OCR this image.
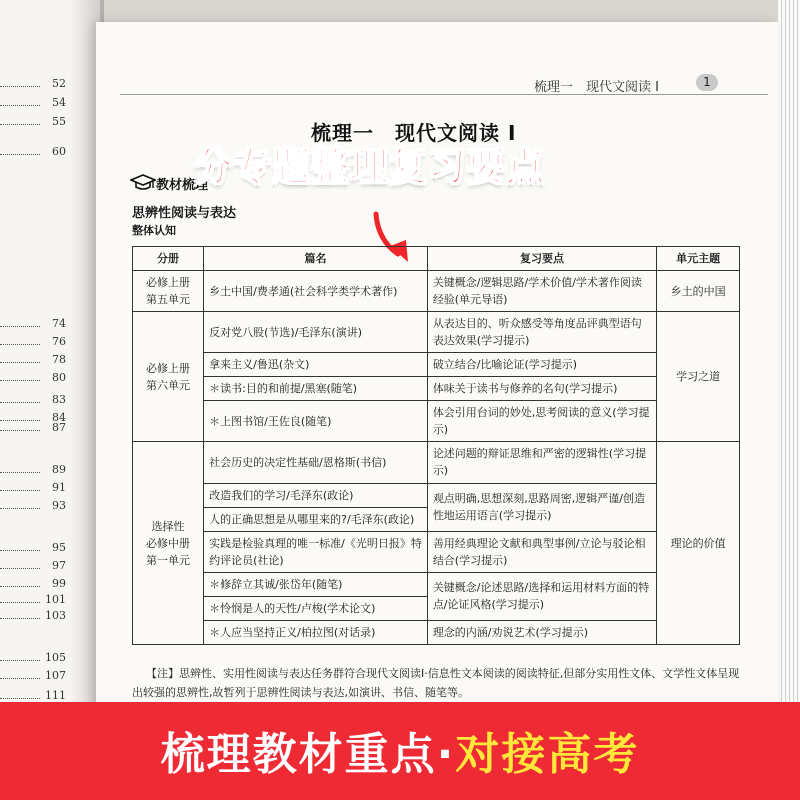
52
54
55
60
74
76
78
80
83
84
87
89
91
93
95
97
99
101
103
105
107
111
梳理一　现代文阅读 Ⅰ	1
梳理一　现代文阅读 Ⅰ
教材梳理
思辨性阅读与表达
整体认知
分册	篇名	复习要点	单元主题
必修上册
第五单元	乡土中国/费孝通(社会科学类学术著作)	关键概念/逻辑思路/学术价值/学术著作阅读经验(单元导语)	乡土的中国
必修上册
第六单元	反对党八股(节选)/毛泽东(演讲)	从表达目的、听众感受等角度品评典型语句表达效果(学习提示)	学习之道
	拿来主义/鲁迅(杂文)	破立结合/比喻论证(学习提示)	
	＊读书:目的和前提/黑塞(随笔)	体味关于读书与修养的名句(学习提示)	
	＊上图书馆/王佐良(随笔)	体会引用台词的妙处,思考阅读的意义(学习提示)	
选择性
必修中册
第一单元	社会历史的决定性基础/恩格斯(书信)	论述问题的辩证思维和严密的逻辑性(学习提示)	理论的价值
	改造我们的学习/毛泽东(政论)	观点明确,思想深刻,思路周密,逻辑严谨/创造性地运用语言(学习提示)	
	人的正确思想是从哪里来的?/毛泽东(政论)		
	实践是检验真理的唯一标准/《光明日报》特约评论员(社论)	善用经典理论文献和典型事例/立论与驳论相结合(学习提示)	
	＊修辞立其诚/张岱年(随笔)	关键概念/论述思路/选择和运用材料方面的特点/论证风格(学习提示)	
	＊怜悯是人的天性/卢梭(学术论文)		
	＊人应当坚持正义/柏拉图(对话录)	理念的内涵/劝说艺术(学习提示)	
【注】思辨性、实用性阅读与表达任务群符合现代文阅读Ⅰ·信息性文本阅读的阅读特征,但部分实用性文体、文学性文体呈现出较强的思辨性,故暂列于思辨性阅读与表达,如演讲、书信、随笔等。
分专题整理复习要点
梳理教材重点·对接高考
